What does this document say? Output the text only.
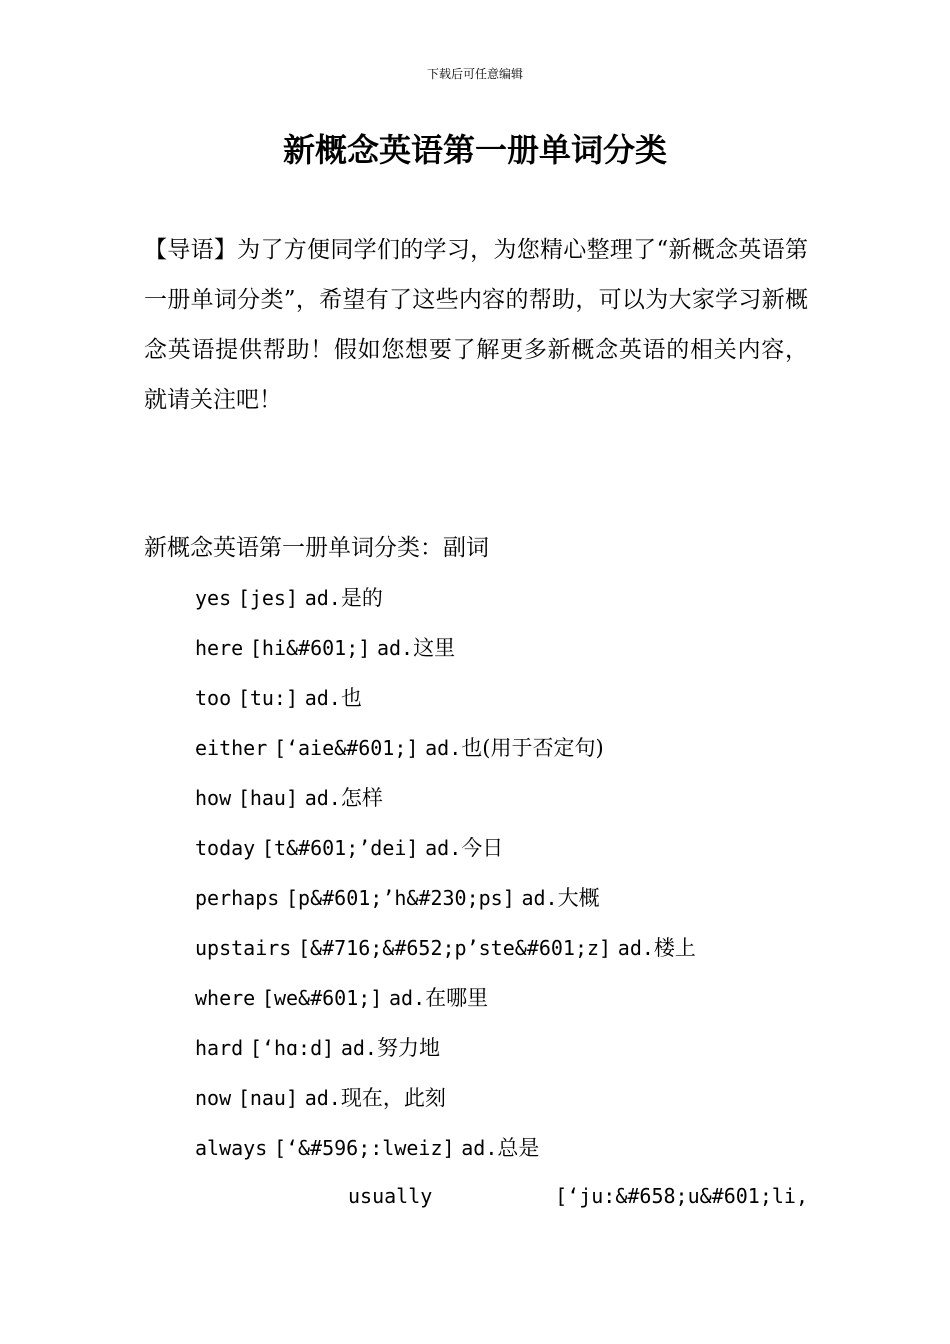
下载后可任意编辑
新概念英语第一册单词分类

【导语】为了方便同学们的学习，为您精心整理了“新概念英语第一册单词分类”，希望有了这些内容的帮助，可以为大家学习新概念英语提供帮助！假如您想要了解更多新概念英语的相关内容，就请关注吧！

新概念英语第一册单词分类：副词
yes [jes] ad.是的
here [hi&#601;] ad.这里
too [tu:] ad.也
either [‘aie&#601;] ad.也(用于否定句)
how [hau] ad.怎样
today [t&#601;’dei] ad.今日
perhaps [p&#601;’h&#230;ps] ad.大概
upstairs [&#716;&#652;p’ste&#601;z] ad.楼上
where [we&#601;] ad.在哪里
hard [‘hɑ:d] ad.努力地
now [nau] ad.现在，此刻
always [‘&#596;:lweiz] ad.总是
usually	[‘ju:&#658;u&#601;li,
